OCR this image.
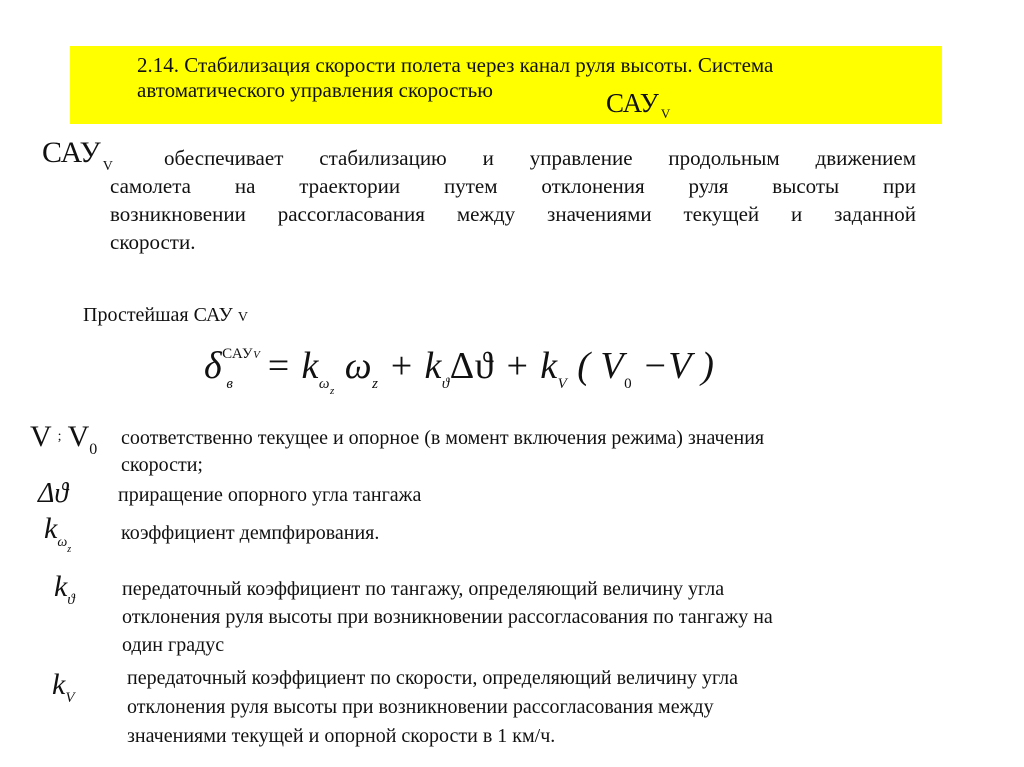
2.14. Стабилизация скорости полета через канал руля высоты. Система
автоматического управления скоростью	САУ $_V$
САУ $_V$	обеспечивает стабилизацию и управление продольным движением
самолета на траектории путем отклонения руля высоты при
возникновении рассогласования между значениями текущей и заданной
скорости.
Простейшая САУ V
$\delta^{САУV}_в = k_{\omega z}$ $\omega_z + k_ϑ\Delta ϑ + k_V$ ( $V_0 -V$ )
V ; $V_0$
соответственно текущее и опорное (в момент включения режима) значения
скорости;
Δϑ приращение опорного угла тангажа
$k_{\omega z}$
коэффициент демпфирования.
$k_ϑ$ передаточный коэффициент по тангажу, определяющий величину угла
отклонения руля высоты при возникновении рассогласования по тангажу на
один градус
$k_V$
передаточный коэффициент по скорости, определяющий величину угла
отклонения руля высоты при возникновении рассогласования между
значениями текущей и опорной скорости в 1 км/ч.
